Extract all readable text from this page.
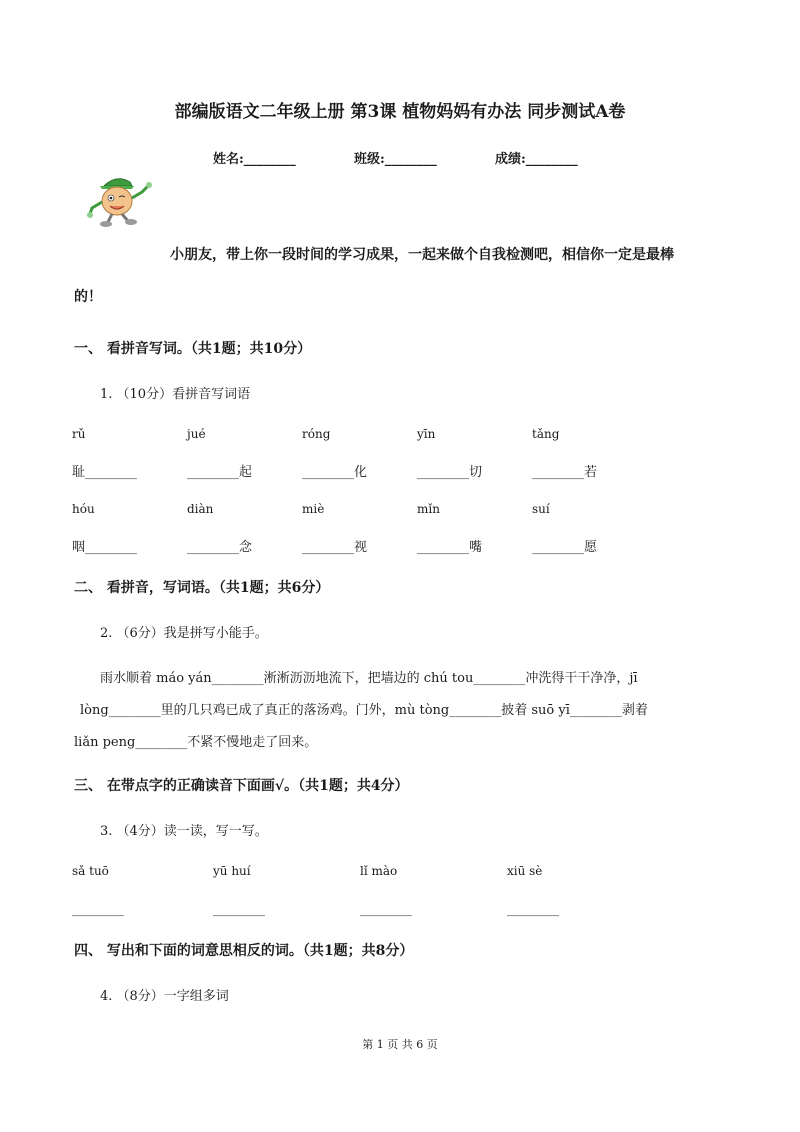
部编版语文二年级上册 第3课 植物妈妈有办法 同步测试A卷
姓名:________	班级:________	成绩:________
小朋友，带上你一段时间的学习成果，一起来做个自我检测吧，相信你一定是最棒
的！
一、 看拼音写词。（共1题；共10分）
1. （10分）看拼音写词语
rǔ	jué	róng	yīn	tǎng
耻________	________起	________化	________切	________若
hóu	diàn	miè	mǐn	suí
咽________	________念	________视	________嘴	________愿
二、 看拼音，写词语。（共1题；共6分）
2. （6分）我是拼写小能手。
雨水顺着 máo yán________淅淅沥沥地流下，把墙边的 chú tou________冲洗得干干净净，jī
lòng________里的几只鸡已成了真正的落汤鸡。门外，mù tòng________披着 suō yī________剥着
liǎn peng________不紧不慢地走了回来。
三、 在带点字的正确读音下面画√。（共1题；共4分）
3. （4分）读一读，写一写。
sǎ tuō	yū huí	lǐ mào	xiū sè
________	________	________	________
四、 写出和下面的词意思相反的词。（共1题；共8分）
4. （8分）一字组多词
第 1 页 共 6 页
